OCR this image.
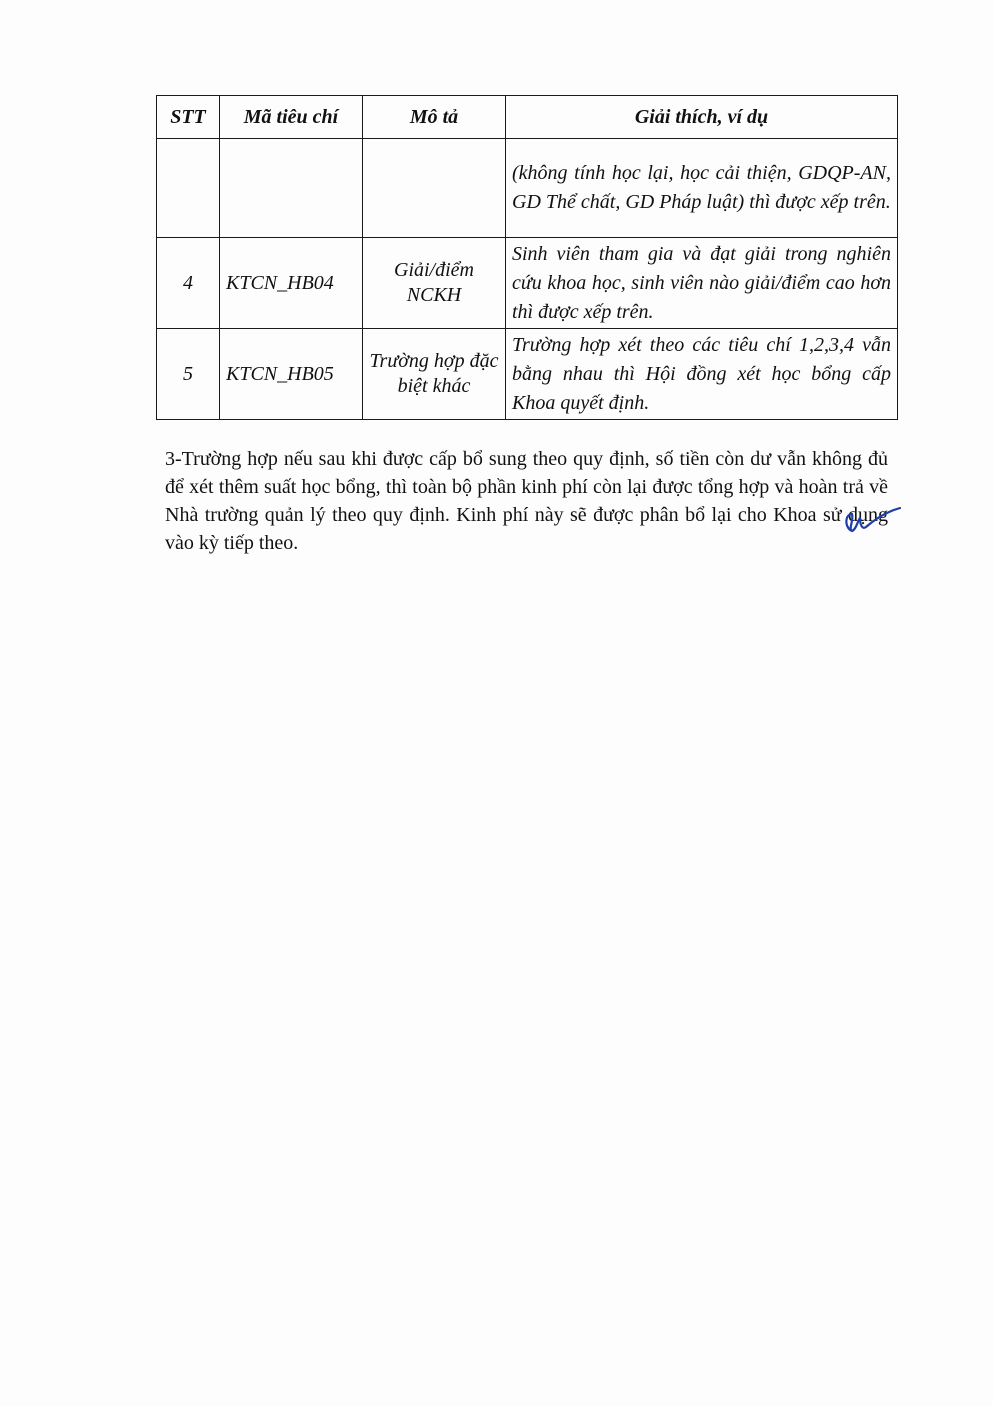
STT	Mã tiêu chí	Mô tả	Giải thích, ví dụ
			(không tính học lại, học cải thiện, GDQP-AN, GD Thể chất, GD Pháp luật) thì được xếp trên.
4	KTCN_HB04	Giải/điểm NCKH	Sinh viên tham gia và đạt giải trong nghiên cứu khoa học, sinh viên nào giải/điểm cao hơn thì được xếp trên.
5	KTCN_HB05	Trường hợp đặc biệt khác	Trường hợp xét theo các tiêu chí 1,2,3,4 vẫn bằng nhau thì Hội đồng xét học bổng cấp Khoa quyết định.

3-Trường hợp nếu sau khi được cấp bổ sung theo quy định, số tiền còn dư vẫn không đủ để xét thêm suất học bổng, thì toàn bộ phần kinh phí còn lại được tổng hợp và hoàn trả về Nhà trường quản lý theo quy định. Kinh phí này sẽ được phân bổ lại cho Khoa sử dụng vào kỳ tiếp theo.
